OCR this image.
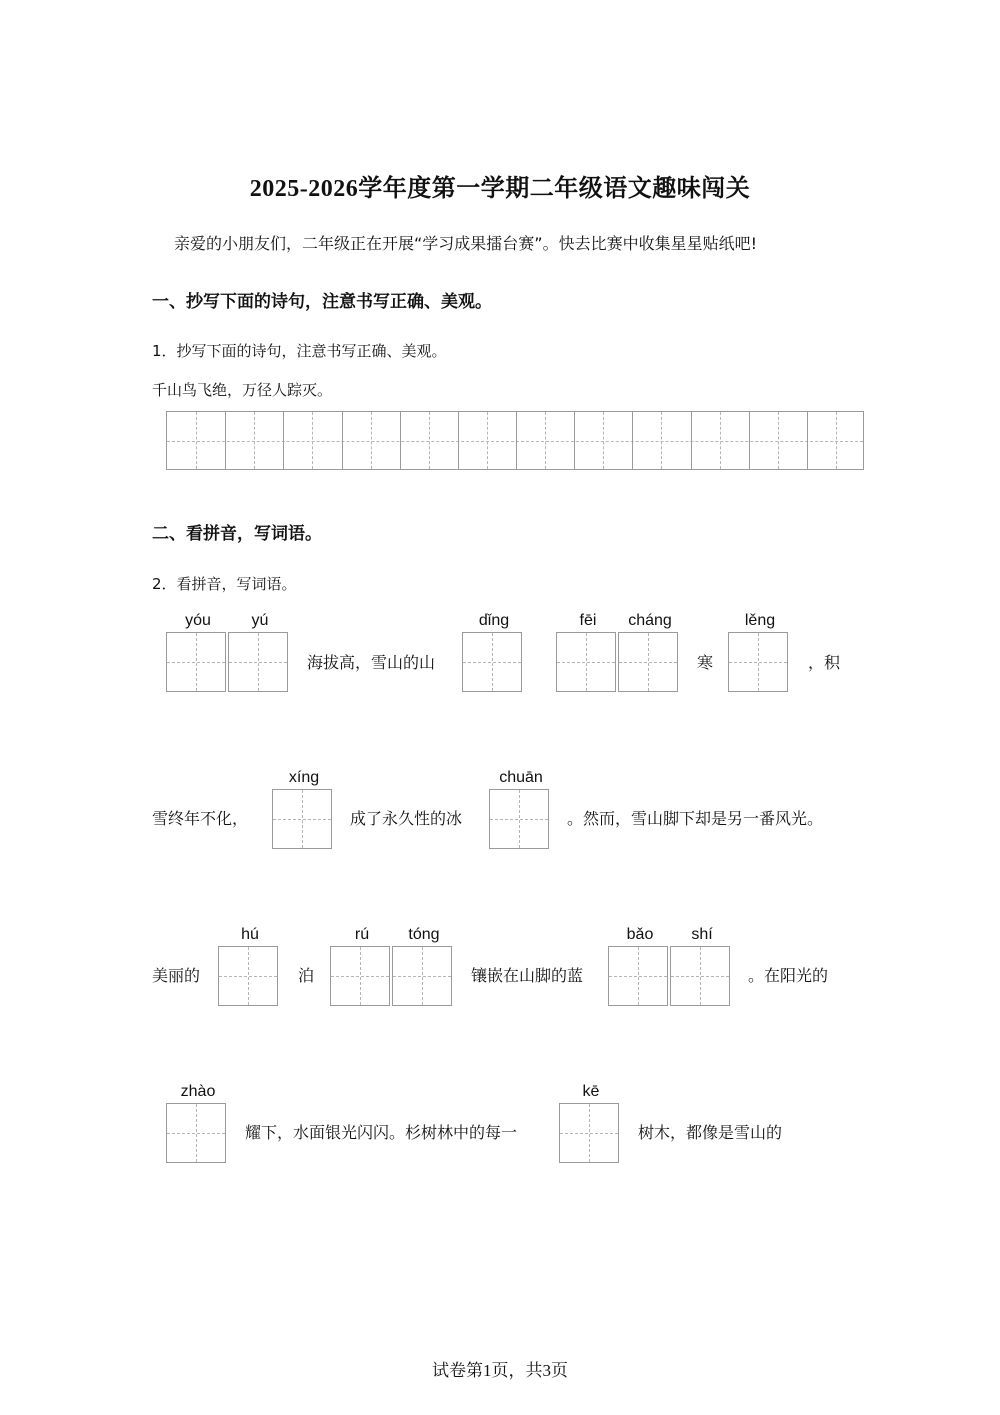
2025-2026学年度第一学期二年级语文趣味闯关
亲爱的小朋友们，二年级正在开展“学习成果擂台赛”。快去比赛中收集星星贴纸吧!
一、抄写下面的诗句，注意书写正确、美观。
1．抄写下面的诗句，注意书写正确、美观。
千山鸟飞绝，万径人踪灭。
二、看拼音，写词语。
2．看拼音，写词语。
yóu	yú
海拔高，雪山的山
dǐng	fēi	cháng
寒
lěng
，积
雪终年不化，
xíng
成了永久性的冰
chuān
。然而，雪山脚下却是另一番风光。
美丽的
hú
泊
rú	tóng
镶嵌在山脚的蓝
bǎo	shí
。在阳光的
zhào
耀下，水面银光闪闪。杉树林中的每一
kē
树木，都像是雪山的
试卷第1页，共3页
